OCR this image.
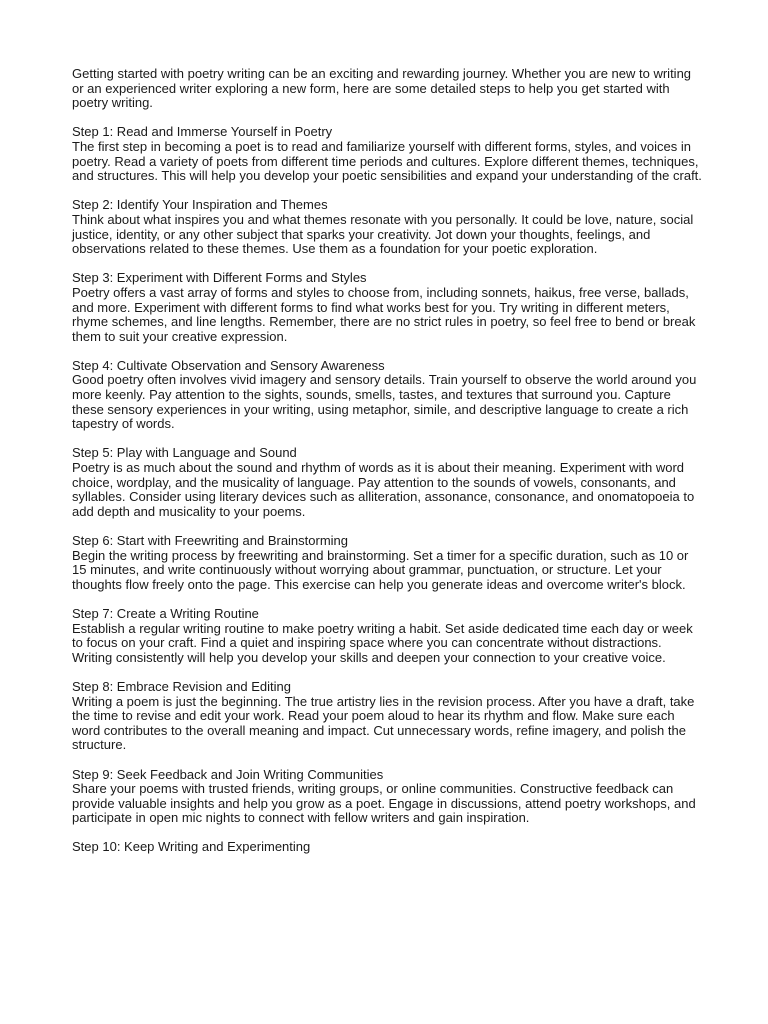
Getting started with poetry writing can be an exciting and rewarding journey. Whether you are new to writing or an experienced writer exploring a new form, here are some detailed steps to help you get started with poetry writing.

Step 1: Read and Immerse Yourself in Poetry

The first step in becoming a poet is to read and familiarize yourself with different forms, styles, and voices in poetry. Read a variety of poets from different time periods and cultures. Explore different themes, techniques, and structures. This will help you develop your poetic sensibilities and expand your understanding of the craft.

Step 2: Identify Your Inspiration and Themes

Think about what inspires you and what themes resonate with you personally. It could be love, nature, social justice, identity, or any other subject that sparks your creativity. Jot down your thoughts, feelings, and observations related to these themes. Use them as a foundation for your poetic exploration.

Step 3: Experiment with Different Forms and Styles

Poetry offers a vast array of forms and styles to choose from, including sonnets, haikus, free verse, ballads, and more. Experiment with different forms to find what works best for you. Try writing in different meters, rhyme schemes, and line lengths. Remember, there are no strict rules in poetry, so feel free to bend or break them to suit your creative expression.

Step 4: Cultivate Observation and Sensory Awareness

Good poetry often involves vivid imagery and sensory details. Train yourself to observe the world around you more keenly. Pay attention to the sights, sounds, smells, tastes, and textures that surround you. Capture these sensory experiences in your writing, using metaphor, simile, and descriptive language to create a rich tapestry of words.

Step 5: Play with Language and Sound

Poetry is as much about the sound and rhythm of words as it is about their meaning. Experiment with word choice, wordplay, and the musicality of language. Pay attention to the sounds of vowels, consonants, and syllables. Consider using literary devices such as alliteration, assonance, consonance, and onomatopoeia to add depth and musicality to your poems.

Step 6: Start with Freewriting and Brainstorming

Begin the writing process by freewriting and brainstorming. Set a timer for a specific duration, such as 10 or 15 minutes, and write continuously without worrying about grammar, punctuation, or structure. Let your thoughts flow freely onto the page. This exercise can help you generate ideas and overcome writer's block.

Step 7: Create a Writing Routine

Establish a regular writing routine to make poetry writing a habit. Set aside dedicated time each day or week to focus on your craft. Find a quiet and inspiring space where you can concentrate without distractions. Writing consistently will help you develop your skills and deepen your connection to your creative voice.

Step 8: Embrace Revision and Editing

Writing a poem is just the beginning. The true artistry lies in the revision process. After you have a draft, take the time to revise and edit your work. Read your poem aloud to hear its rhythm and flow. Make sure each word contributes to the overall meaning and impact. Cut unnecessary words, refine imagery, and polish the structure.

Step 9: Seek Feedback and Join Writing Communities

Share your poems with trusted friends, writing groups, or online communities. Constructive feedback can provide valuable insights and help you grow as a poet. Engage in discussions, attend poetry workshops, and participate in open mic nights to connect with fellow writers and gain inspiration.

Step 10: Keep Writing and Experimenting
